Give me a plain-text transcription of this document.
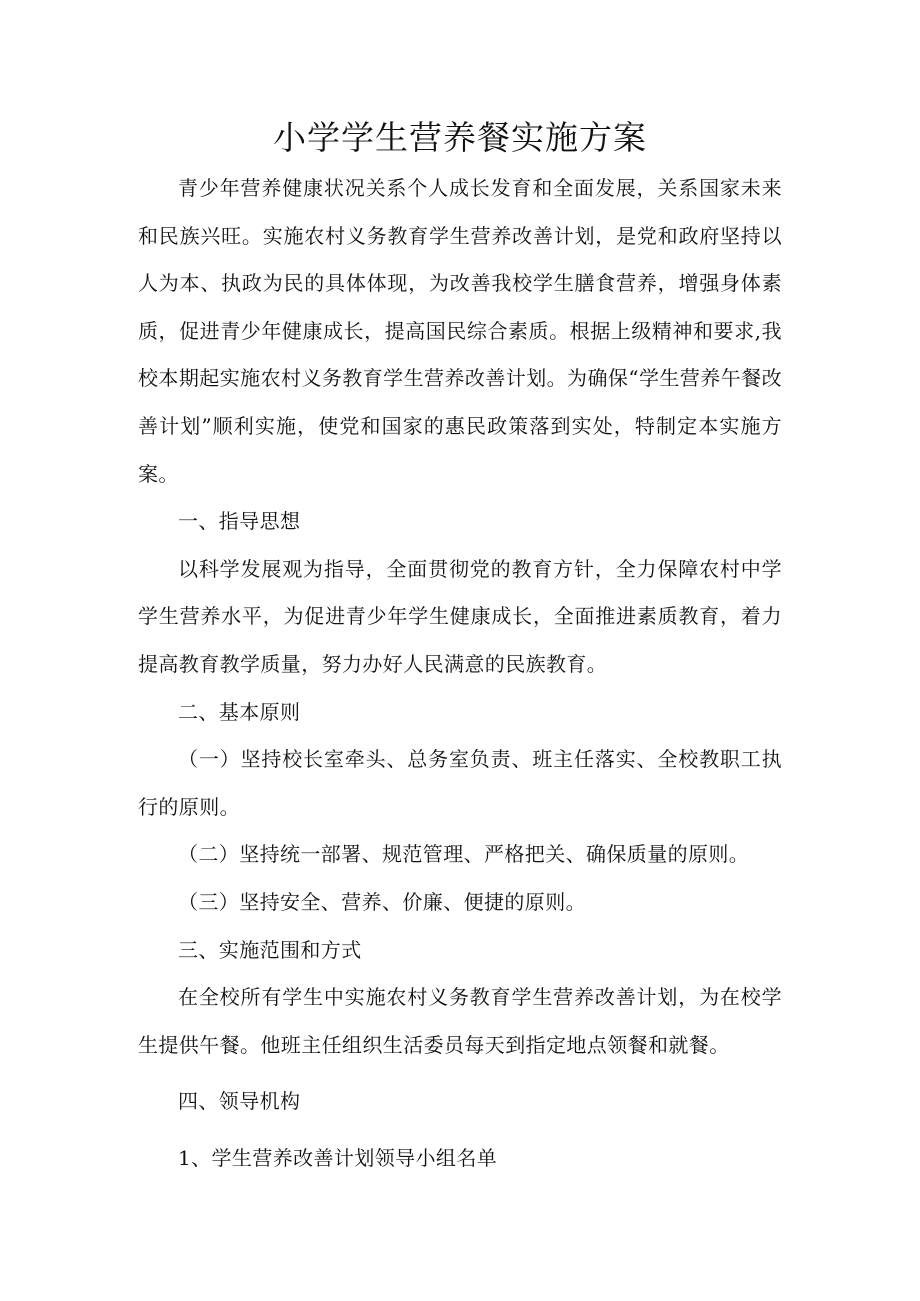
小学学生营养餐实施方案

青少年营养健康状况关系个人成长发育和全面发展，关系国家未来和民族兴旺。实施农村义务教育学生营养改善计划，是党和政府坚持以人为本、执政为民的具体体现，为改善我校学生膳食营养，增强身体素质，促进青少年健康成长，提高国民综合素质。根据上级精神和要求,我校本期起实施农村义务教育学生营养改善计划。为确保“学生营养午餐改善计划”顺利实施，使党和国家的惠民政策落到实处，特制定本实施方案。

一、指导思想

以科学发展观为指导，全面贯彻党的教育方针，全力保障农村中学学生营养水平，为促进青少年学生健康成长，全面推进素质教育，着力提高教育教学质量，努力办好人民满意的民族教育。

二、基本原则

（一）坚持校长室牵头、总务室负责、班主任落实、全校教职工执行的原则。

（二）坚持统一部署、规范管理、严格把关、确保质量的原则。

（三）坚持安全、营养、价廉、便捷的原则。

三、实施范围和方式

在全校所有学生中实施农村义务教育学生营养改善计划，为在校学生提供午餐。他班主任组织生活委员每天到指定地点领餐和就餐。

四、领导机构

1、学生营养改善计划领导小组名单
